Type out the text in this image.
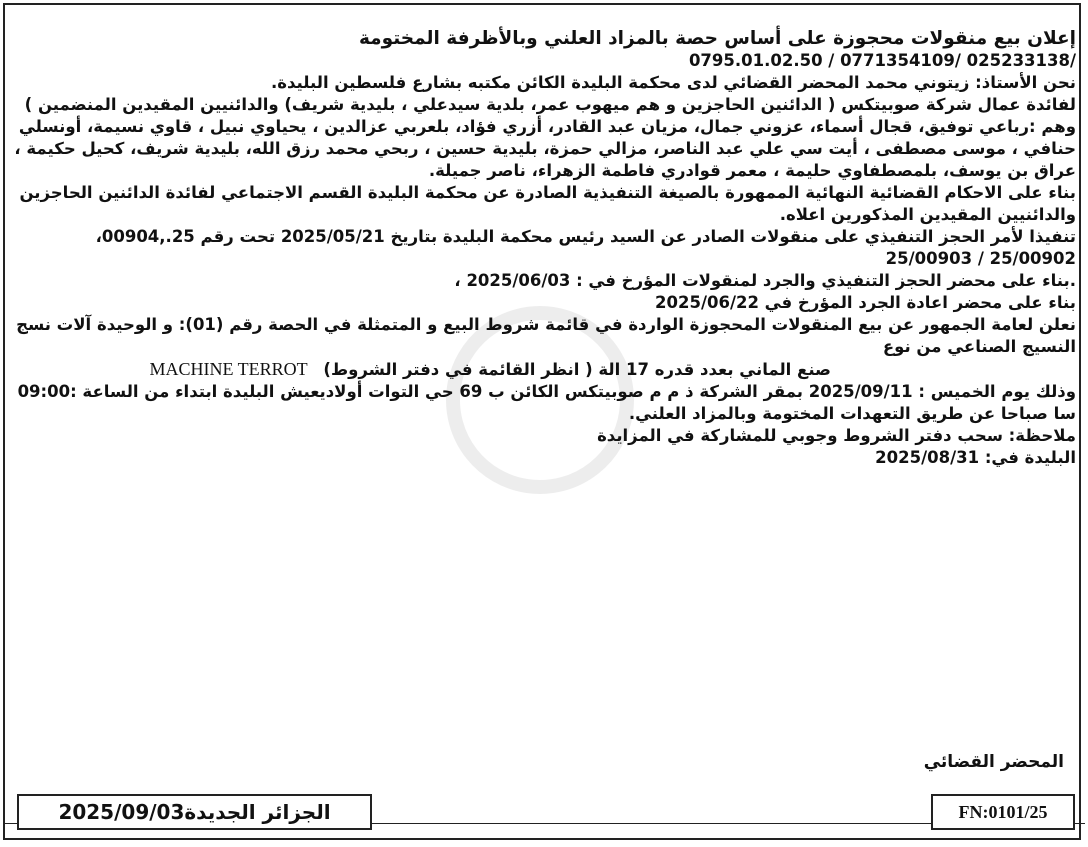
إعلان بيع منقولات محجوزة على أساس حصة بالمزاد العلني وبالأظرفة المختومة

0795.01.02.50 / 0771354109/ 025233138/

نحن الأستاذ: زيتوني محمد المحضر القضائي لدى محكمة البليدة الكائن مكتبه بشارع فلسطين البليدة.

لفائدة عمال شركة صوبيتكس ( الدائنين الحاجزين و هم ميهوب عمر، بلدية سيدعلي ، بليدية شريف) والدائنيين المقيدين المنضمين ) وهم :رباعي توفيق، قجال أسماء، عزوني جمال، مزيان عبد القادر، أزري فؤاد، بلعربي عزالدين ، يحياوي نبيل ، قاوي نسيمة، أونسلي حنافي ، موسى مصطفى ، أيت سي علي عبد الناصر، مزالي حمزة، بليدية حسين ، ربحي محمد رزق الله، بليدية شريف، كحيل حكيمة ، عراق بن يوسف، بلمصطفاوي حليمة ، معمر قوادري فاطمة الزهراء، ناصر جميلة.

بناء على الاحكام القضائية النهائية الممهورة بالصيغة التنفيذية الصادرة عن محكمة البليدة القسم الاجتماعي لفائدة الدائنين الحاجزين والدائنيين المقيدين المذكورين اعلاه.

تنفيذا لأمر الحجز التنفيذي على منقولات الصادر عن السيد رئيس محكمة البليدة بتاريخ 2025/05/21 تحت رقم 25.,00904، 25/00902 / 25/00903

.بناء على محضر الحجز التنفيذي والجرد لمنقولات المؤرخ في : 2025/06/03 ،

بناء على محضر اعادة الجرد المؤرخ في 2025/06/22

نعلن لعامة الجمهور عن بيع المنقولات المحجوزة الواردة في قائمة شروط البيع و المتمثلة في الحصة رقم (01): و الوحيدة آلات نسج النسيج الصناعي من نوع

صنع الماني بعدد قدره 17 الة ( انظر القائمة في دفتر الشروط) MACHINE TERROT

وذلك يوم الخميس : 2025/09/11 بمقر الشركة ذ م م صوبيتكس الكائن ب 69 حي التوات أولاديعيش البليدة ابتداء من الساعة :09:00 سا صباحا عن طريق التعهدات المختومة وبالمزاد العلني.

ملاحظة: سحب دفتر الشروط وجوبي للمشاركة في المزايدة

البليدة في: 2025/08/31

المحضر القضائي
الجزائر الجديدة2025/09/03	FN:0101/25
